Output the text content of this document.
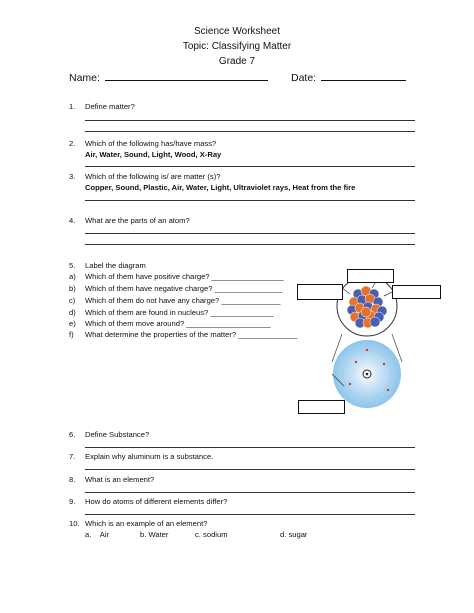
Science Worksheet
Topic: Classifying Matter
Grade 7
Name:	Date:
1.	Define matter?
2.	Which of the following has/have mass?
Air, Water, Sound, Light, Wood, X-Ray
3.	Which of the following is/ are matter (s)?
Copper, Sound, Plastic, Air, Water, Light, Ultraviolet rays, Heat from the fire
4.	What are the parts of an atom?
5.	Label the diagram
a) Which of them have positive charge? _________________
b) Which of them have negative charge? ________________
c) Which of them do not have any charge? ______________
d) Which of them are found in nucleus? _______________
e) Which of them move around? ____________________
f) What determine the properties of the matter? ______________
6.	Define Substance?
7.	Explain why aluminum is a substance.
8.	What is an element?
9.	How do atoms of different elements differ?
10. Which is an example of an element?
a. Air	b. Water	c. sodium	d. sugar
